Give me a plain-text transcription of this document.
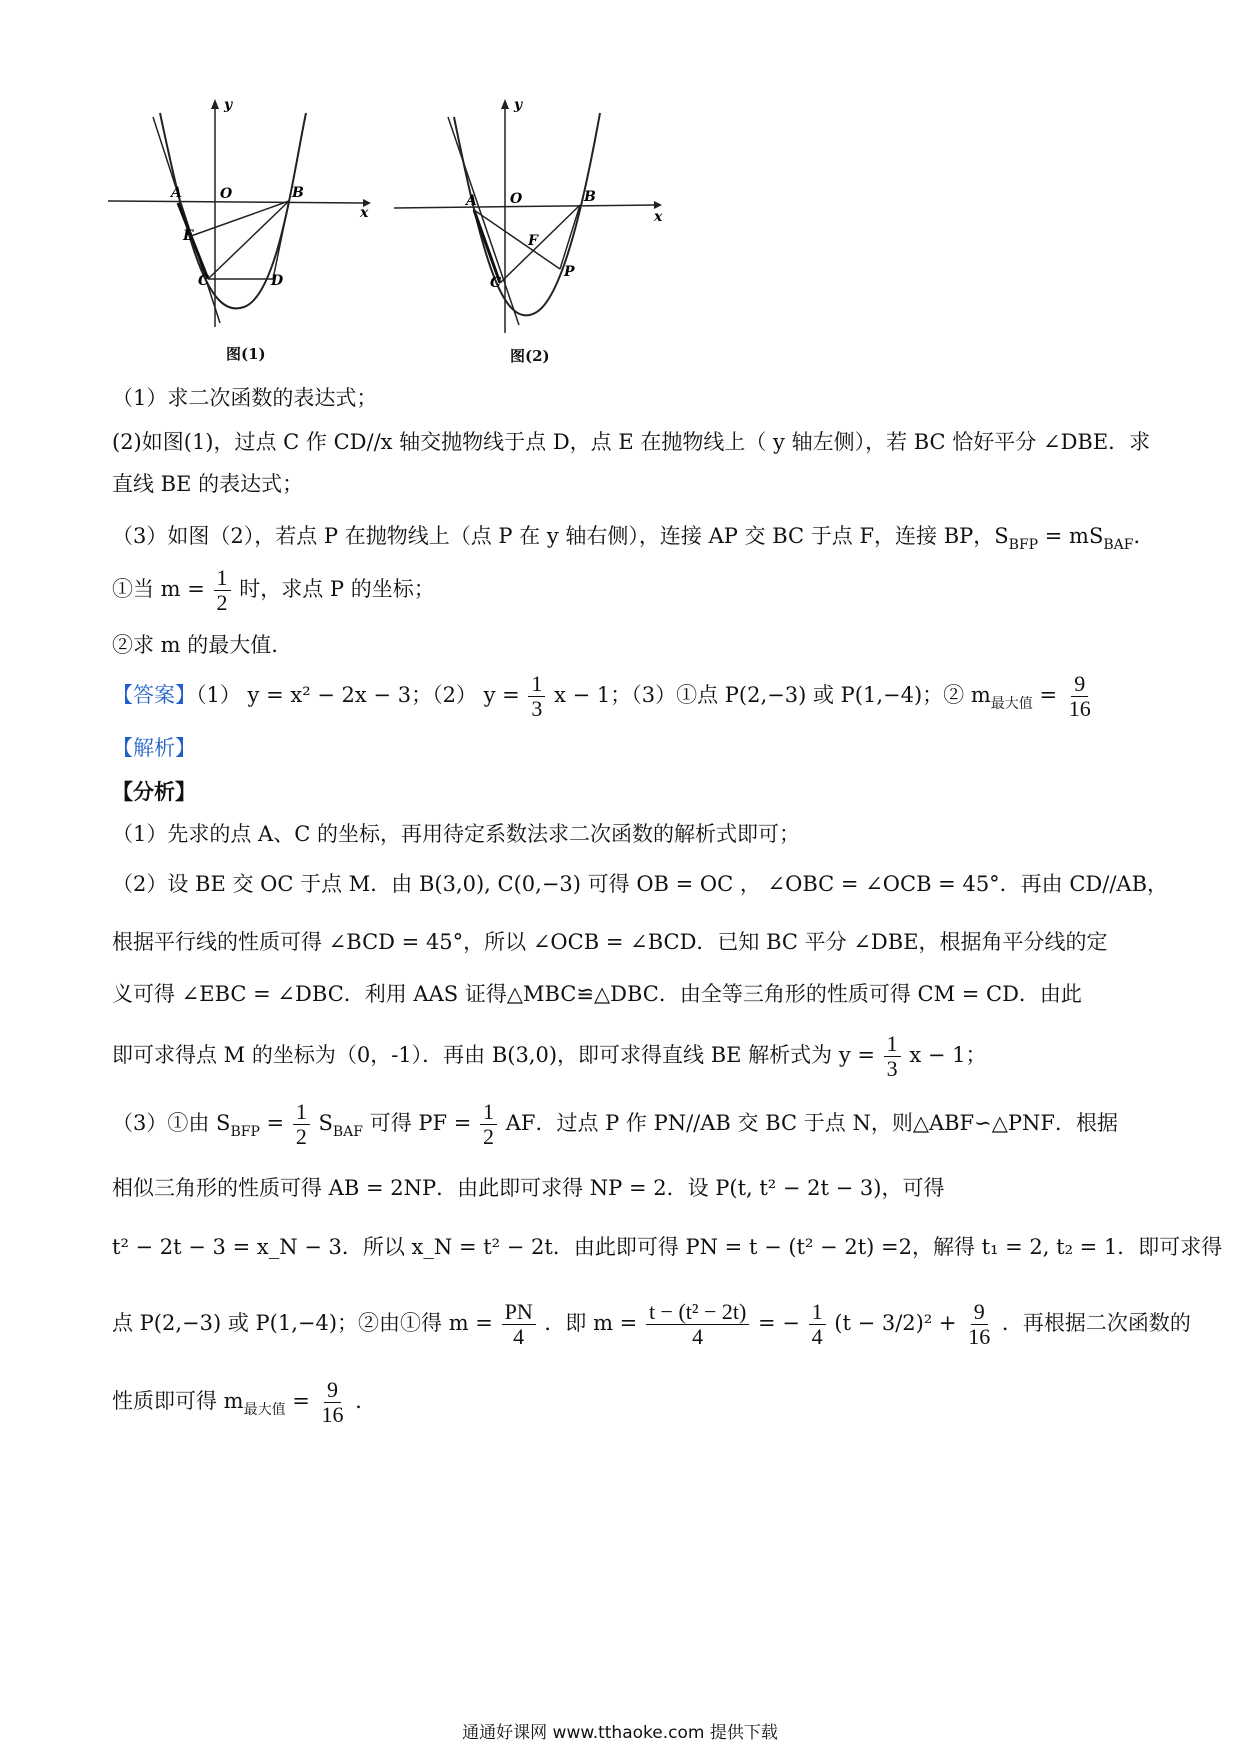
y
x
A	O	B
E
C	D
图(1)
y
x
A O	B
F
C
P
图(2)
（1）求二次函数的表达式；
(2)如图(1)，过点 C 作 CD//x 轴交抛物线于点 D，点 E 在抛物线上（ y 轴左侧），若 BC 恰好平分 ∠DBE．求
直线 BE 的表达式；
（3）如图（2），若点 P 在抛物线上（点 P 在 y 轴右侧），连接 AP 交 BC 于点 F，连接 BP，$S_{BFP} = mS_{BAF}$．
①当 $m = \frac{1}{2}$ 时，求点 P 的坐标；
②求 m 的最大值.
【答案】（1） y = x² − 2x − 3；（2） $y = \frac{1}{3}$ x − 1；（3）①点 P(2,−3) 或 P(1,−4)；② $m_{最大值} = \frac{9}{16}$
【解析】
【分析】
（1）先求的点 A、C 的坐标，再用待定系数法求二次函数的解析式即可；
（2）设 BE 交 OC 于点 M．由 B(3,0), C(0,−3) 可得 OB = OC ， ∠OBC = ∠OCB = 45°．再由 CD//AB，
根据平行线的性质可得 ∠BCD = 45°，所以 ∠OCB = ∠BCD．已知 BC 平分 ∠DBE，根据角平分线的定
义可得 ∠EBC = ∠DBC．利用 AAS 证得△MBC≌△DBC．由全等三角形的性质可得 CM = CD．由此
即可求得点 M 的坐标为（0，-1）．再由 B(3,0)，即可求得直线 BE 解析式为 $y = \frac{1}{3}$ x − 1；
（3）①由 $S_{BFP} = \frac{1}{2} S_{BAF}$ 可得 PF = $\frac{1}{2}$ AF．过点 P 作 PN//AB 交 BC 于点 N，则△ABF∽△PNF．根据
相似三角形的性质可得 AB = 2NP．由此即可求得 NP = 2．设 P(t, t² − 2t − 3)，可得
t² − 2t − 3 = x_N − 3．所以 x_N = t² − 2t．由此即可得 PN = t − (t² − 2t) =2，解得 t₁ = 2, t₂ = 1．即可求得
点 P(2,−3) 或 P(1,−4)；②由①得 $m = \frac{PN}{4}$ ．即 $m = \frac{\text{t − (t² − 2t)}}{4}$ = − $\frac{1}{4} (t - 3/2)^2 + \frac{9}{16}$ ．再根据二次函数的
性质即可得 $m_{最大值} = \frac{9}{16}$ ．
通通好课网 www.tthaoke.com 提供下载
